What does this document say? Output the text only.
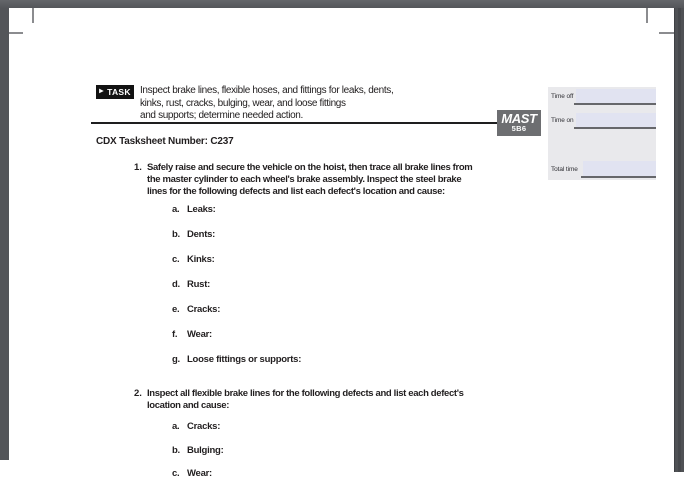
▶ TASK Inspect brake lines, flexible hoses, and fittings for leaks, dents,
kinks, rust, cracks, bulging, wear, and loose fittings
and supports; determine needed action.	MAST
5B6
CDX Tasksheet Number: C237
Time off
Time on
Total time
1. Safely raise and secure the vehicle on the hoist, then trace all brake lines from
the master cylinder to each wheel's brake assembly. Inspect the steel brake
lines for the following defects and list each defect's location and cause:
a. Leaks:
b. Dents:
c. Kinks:
d. Rust:
e. Cracks:
f. Wear:
g. Loose fittings or supports:
2. Inspect all flexible brake lines for the following defects and list each defect's
location and cause:
a. Cracks:
b. Bulging:
c. Wear:
